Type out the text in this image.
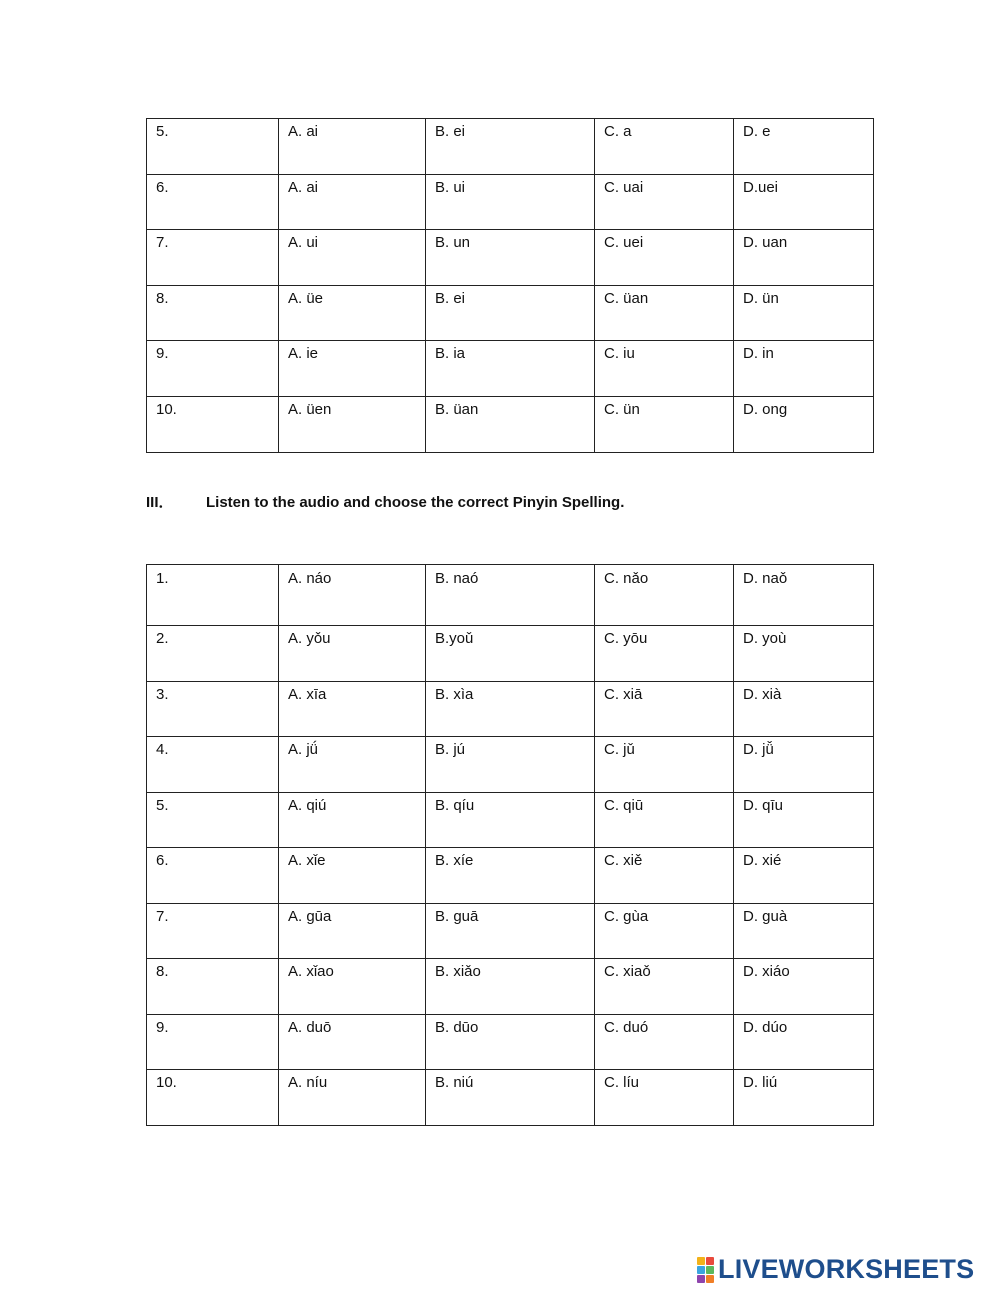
5.	A. ai	B. ei	C. a	D. e
6.	A. ai	B. ui	C. uai	D.uei
7.	A. ui	B. un	C. uei	D. uan
8.	A. üe	B. ei	C. üan	D. ün
9.	A. ie	B. ia	C. iu	D. in
10.	A. üen	B. üan	C. ün	D. ong
III．	Listen to the audio and choose the correct Pinyin Spelling.
1.	A. náo	B. naó	C. nǎo	D. naǒ
2.	A. yǒu	B.yoǔ	C. yōu	D. yoù
3.	A. xīa	B. xìa	C. xiā	D. xià
4.	A. jǘ	B. jú	C. jǔ	D. jǚ
5.	A. qiú	B. qíu	C. qiū	D. qīu
6.	A. xǐe	B. xíe	C. xiě	D. xié
7.	A. gūa	B. guā	C. gùa	D. guà
8.	A. xǐao	B. xiǎo	C. xiaǒ	D. xiáo
9.	A. duō	B. dūo	C. duó	D. dúo
10.	A. níu	B. niú	C. líu	D. liú
LIVEWORKSHEETS
